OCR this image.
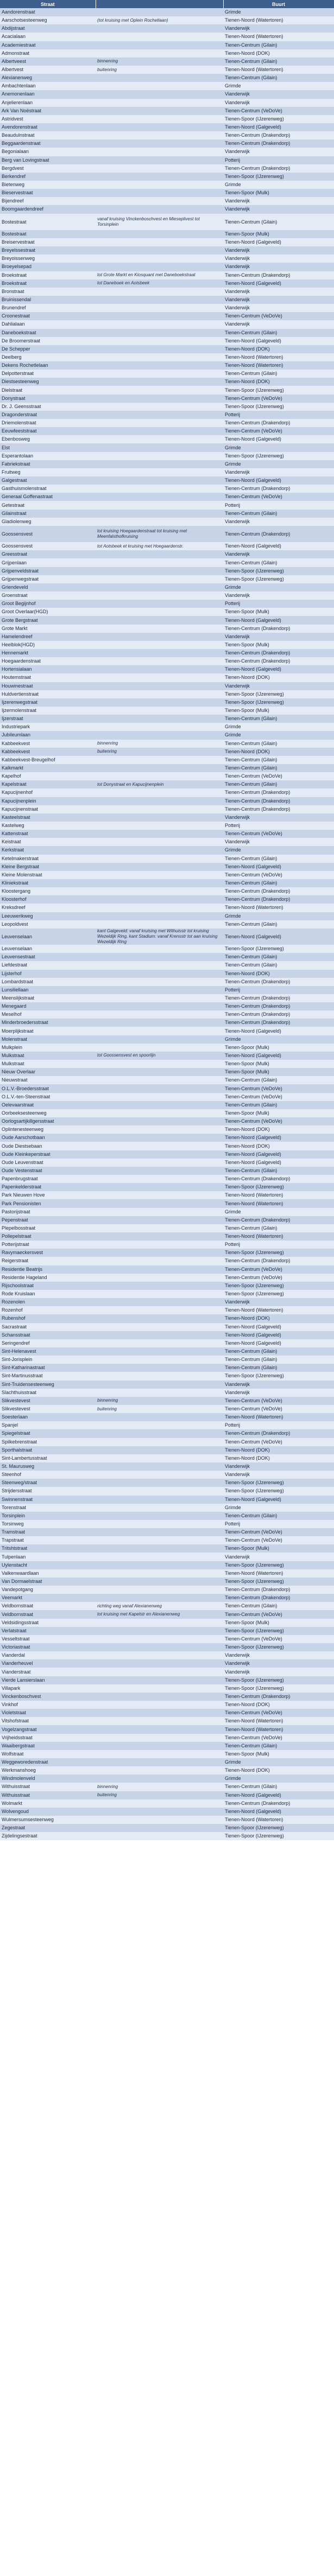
Straat		Buurt
Aandorenstraat		Grimde
Aarschotsesteenweg	(tot kruising met Oplein Rochetlaan)	Tienen-Noord (Watertoren)
Abdijstraat		Vianderwijk
Acacialaan		Tienen-Noord (Watertoren)
Academiestraat		Tienen-Centrum (Gilain)
Admonstraat		Tienen-Noord (DOK)
Albertveest	binnenring	Tienen-Centrum (Gilain)
Albertvest	buitenring	Tienen-Noord (Watertoren)
Alexianenweg		Tienen-Centrum (Gilain)
Ambachtenlaan		Grimde
Anemonenlaan		Vianderwijk
Anjelierenlaan		Vianderwijk
Ark Van Noëstraat		Tienen-Centrum (VeDoVe)
Astridvest		Tienen-Spoor (IJzerenweg)
Avendorenstraat		Tienen-Noord (Galgeveld)
Beaudulnstraat		Tienen-Centrum (Drakendorp)
Beggaardenstraat		Tienen-Centrum (Drakendorp)
Begonialaan		Vianderwijk
Berg van Lovingstraat		Potterij
Bergdvest		Tienen-Centrum (Drakendorp)
Berkendref		Tienen-Spoor (IJzerenweg)
Bietenweg		Grimde
Bieservestraat		Tienen-Spoor (Mulk)
Bijendreef		Vianderwijk
Boomgaardendreef		Vianderwijk
Bostestraat	vanaf kruising Vinckenboschvest en Mieseplivest tot Torsinplein	Tienen-Centrum (Gilain)
Bostestraat		Tienen-Spoor (Mulk)
Breiservestraat		Tienen-Noord (Galgeveld)
Breyelssestraat		Vianderwijk
Breyoissenweg		Vianderwijk
Broeyelsepad		Vianderwijk
Broekstraat	tot Grote Markt en Kiosquant met Daneboekstraat	Tienen-Centrum (Drakendorp)
Broekstraat	tot Daneboek en Aotsbeek	Tienen-Noord (Galgeveld)
Bronstraat		Vianderwijk
Bruinissendal		Vianderwijk
Brunendref		Vianderwijk
Croonestraat		Tienen-Centrum (VeDoVe)
Dahlialaan		Vianderwijk
Daneboekstraat		Tienen-Centrum (Gilain)
De Broomerstraat		Tienen-Noord (Galgeveld)
De Schepper		Tienen-Noord (DOK)
Deelberg		Tienen-Noord (Watertoren)
Dekens Rochetlelaan		Tienen-Noord (Watertoren)
Delpotterstraat		Tienen-Centrum (Gilain)
Diestsesteenweg		Tienen-Noord (DOK)
Dielstraat		Tienen-Spoor (IJzerenweg)
Donystraat		Tienen-Centrum (VeDoVe)
Dr. J. Geensstraat		Tienen-Spoor (IJzerenweg)
Dragonderstraat		Potterij
Driemolenstraat		Tienen-Centrum (Drakendorp)
Eeuwfeeststraat		Tienen-Centrum (VeDoVe)
Ebenbosweg		Tienen-Noord (Galgeveld)
Elst		Grimde
Esperantolaan		Tienen-Spoor (IJzerenweg)
Fabriekstraat		Grimde
Fruitweg		Vianderwijk
Galgestraat		Tienen-Noord (Galgeveld)
Gasthuismolenstraat		Tienen-Centrum (Drakendorp)
Generaal Goffenastraat		Tienen-Centrum (VeDoVe)
Getestraat		Potterij
Gilainstraat		Tienen-Centrum (Gilain)
Gladiolenweg		Vianderwijk
Goossensvest	tot kruising Hoegaardenstraat tot kruising met Meenfalsthofkruising	Tienen-Centrum (Drakendorp)
Goossensvest	tot Aotsbeek et kruising met Hoegaardenstr.	Tienen-Noord (Galgeveld)
Greesstraat		Vianderwijk
Grijpenlaan		Tienen-Centrum (Gilain)
Grijpenveldstraat		Tienen-Spoor (IJzerenweg)
Grijpenwegstraat		Tienen-Spoor (IJzerenweg)
Griendeveld		Grimde
Groenstraat		Vianderwijk
Groot Begijnhof		Potterij
Groot Overlaar(HGD)		Tienen-Spoor (Mulk)
Grote Bergstraat		Tienen-Noord (Galgeveld)
Grote Markt		Tienen-Centrum (Drakendorp)
Hamelendreef		Vianderwijk
Heelblok(HGD)		Tienen-Spoor (Mulk)
Hennemarkt		Tienen-Centrum (Drakendorp)
Hoegaardenstraat		Tienen-Centrum (Drakendorp)
Hortensialaan		Tienen-Noord (Galgeveld)
Houtemstraat		Tienen-Noord (DOK)
Houwinestraat		Vianderwijk
Huldvertienstraat		Tienen-Spoor (IJzerenweg)
Ijzerenwegstraat		Tienen-Spoor (IJzerenweg)
Ijzermolenstraat		Tienen-Spoor (Mulk)
Ijzerstraat		Tienen-Centrum (Gilain)
Industriepark		Grimde
Jubileumlaan		Grimde
Kabbeekvest	binnenring	Tienen-Centrum (Gilain)
Kabbeekvest	buitenring	Tienen-Noord (DOK)
Kabbeekvest-Breugelhof		Tienen-Centrum (Gilain)
Kalkmarkt		Tienen-Centrum (Gilain)
Kapelhof		Tienen-Centrum (VeDoVe)
Kapelstraat	tot Donystraat en Kapucijnenplein	Tienen-Centrum (Gilain)
Kapucijnenhof		Tienen-Centrum (Drakendorp)
Kapucijnenplein		Tienen-Centrum (Drakendorp)
Kapucijnenstraat		Tienen-Centrum (Drakendorp)
Kasteelstraat		Vianderwijk
Kastelweg		Potterij
Kattenstraat		Tienen-Centrum (VeDoVe)
Keistraat		Vianderwijk
Kerkstraat		Grimde
Ketelmakerstraat		Tienen-Centrum (Gilain)
Kleine Bergstraat		Tienen-Noord (Galgeveld)
Kleine Molenstraat		Tienen-Centrum (VeDoVe)
Kliniekstraat		Tienen-Centrum (Gilain)
Kloostergang		Tienen-Centrum (Drakendorp)
Kloosterhof		Tienen-Centrum (Drakendorp)
Kreksdreef		Tienen-Noord (Watertoren)
Leeuwerikweg		Grimde
Leopoldvest		Tienen-Centrum (Gilain)
Leuvenselaan	kant Galgeveld: vanaf kruising met Withuisstr tot kruising Wezeldijk Ring, kant Stadium: vanaf Krensstr tot aan kruising Wezeldijk Ring	Tienen-Noord (Galgeveld)
Leuvenselaan		Tienen-Spoor (IJzerenweg)
Leuvensestraat		Tienen-Centrum (Gilain)
Liefdestraat		Tienen-Centrum (Gilain)
Lijsterhof		Tienen-Noord (DOK)
Lombardstraat		Tienen-Centrum (Drakendorp)
Lunsiliellaan		Potterij
Meenslijkstraat		Tienen-Centrum (Drakendorp)
Menegaard		Tienen-Centrum (Drakendorp)
Meselhof		Tienen-Centrum (Drakendorp)
Minderbroedersstraat		Tienen-Centrum (Drakendorp)
Moerplijkstraat		Tienen-Noord (Galgeveld)
Molenstraat		Grimde
Mulkplein		Tienen-Spoor (Mulk)
Mulkstraat	tot Goossensvest en spoorlijn	Tienen-Noord (Galgeveld)
Mulkstraat		Tienen-Spoor (Mulk)
Nieuw Overlaar		Tienen-Spoor (Mulk)
Nieuwstraat		Tienen-Centrum (Gilain)
O.L.V.-Broedersstraat		Tienen-Centrum (VeDoVe)
O.L.V.-ten-Steenstraat		Tienen-Centrum (VeDoVe)
Oelevaarstraat		Tienen-Centrum (Gilain)
Oorbeeksesteenweg		Tienen-Spoor (Mulk)
Oorlogsartijkillgersstraat		Tienen-Centrum (VeDoVe)
Oplintenesteenweg		Tienen-Noord (DOK)
Oude Aarschotbaan		Tienen-Noord (Galgeveld)
Oude Diestsebaan		Tienen-Noord (DOK)
Oude Kleinkeperstraat		Tienen-Noord (Galgeveld)
Oude Leuvenstraat		Tienen-Noord (Galgeveld)
Oude Vestenstraat		Tienen-Centrum (Gilain)
Papenbrugstraat		Tienen-Centrum (Drakendorp)
Papenkelderstraat		Tienen-Spoor (IJzerenweg)
Park Nieuwen Hove		Tienen-Noord (Watertoren)
Park Pensionisten		Tienen-Noord (Watertoren)
Pastorijstraat		Grimde
Pepenstraat		Tienen-Centrum (Drakendorp)
Plepelbosstraat		Tienen-Centrum (Gilain)
Pollepelstraat		Tienen-Noord (Watertoren)
Potterijstraat		Potterij
Ravymaeckersvest		Tienen-Spoor (IJzerenweg)
Reigerstraat		Tienen-Centrum (Drakendorp)
Residentie Beatrijs		Tienen-Centrum (VeDoVe)
Residentie Hageland		Tienen-Centrum (VeDoVe)
Rijschoolstraat		Tienen-Spoor (IJzerenweg)
Rode Kruislaan		Tienen-Spoor (IJzerenweg)
Rozenolen		Vianderwijk
Rozenhof		Tienen-Noord (Watertoren)
Rubenshof		Tienen-Noord (DOK)
Sacrastraat		Tienen-Noord (Galgeveld)
Schansstraat		Tienen-Noord (Galgeveld)
Seringendref		Tienen-Noord (Galgeveld)
Sint-Helenavest		Tienen-Centrum (Gilain)
Sint-Jorisplein		Tienen-Centrum (Gilain)
Sint-Katharinastraat		Tienen-Centrum (Gilain)
Sint-Martinusstraat		Tienen-Spoor (IJzerenweg)
Sint-Truidensesteenweg		Vianderwijk
Slachthuisstraat		Vianderwijk
Slikvestevest	binnenring	Tienen-Centrum (VeDoVe)
Slikvestevest	buitenring	Tienen-Centrum (VeDoVe)
Soesterlaan		Tienen-Noord (Watertoren)
Spanjel		Potterij
Spiegelstraat		Tienen-Centrum (Drakendorp)
Spilkebrenstraat		Tienen-Centrum (VeDoVe)
Sporthalstraat		Tienen-Noord (DOK)
Sint-Lambertusstraat		Tienen-Noord (DOK)
St. Maurusweg		Vianderwijk
Steenhof		Vianderwijk
Steenweg/straat		Tienen-Spoor (IJzerenweg)
Strijdersstraat		Tienen-Spoor (IJzerenweg)
Swinnenstraat		Tienen-Noord (Galgeveld)
Torenstraat		Grimde
Torsinplein		Tienen-Centrum (Gilain)
Torsinweg		Potterij
Tramstraat		Tienen-Centrum (VeDoVe)
Trapstraat		Tienen-Centrum (VeDoVe)
Tritshtstraat		Tienen-Spoor (Mulk)
Tulpenlaan		Vianderwijk
Uylenstacht		Tienen-Spoor (IJzerenweg)
Valkenwaardlaan		Tienen-Noord (Watertoren)
Van Dormaelstraat		Tienen-Spoor (IJzerenweg)
Vandepotgang		Tienen-Centrum (Drakendorp)
Veemarkt		Tienen-Centrum (Drakendorp)
Veldbornstraat	richting weg vanaf Alexianenweg	Tienen-Centrum (Gilain)
Veldbornstraat	tot kruising met Kapelstr en Alexianenweg	Tienen-Centrum (VeDoVe)
Veldsidingsstraat		Tienen-Spoor (Mulk)
Verlatstraat		Tienen-Spoor (IJzerenweg)
Vesseltstraat		Tienen-Centrum (VeDoVe)
Victoriastraat		Tienen-Spoor (IJzerenweg)
Vianderdal		Vianderwijk
Vianderheuvel		Vianderwijk
Vianderstraat		Vianderwijk
Vierde Lansierslaan		Tienen-Spoor (IJzerenweg)
Villapark		Tienen-Spoor (IJzerenweg)
Vinckenboschvest		Tienen-Centrum (Drakendorp)
Vinkhof		Tienen-Noord (DOK)
Violetstraat		Tienen-Centrum (VeDoVe)
Vitshofstraat		Tienen-Noord (Watertoren)
Vogelzangstraat		Tienen-Noord (Watertoren)
Vrijheidsstraat		Tienen-Centrum (VeDoVe)
Waaibergstraat		Tienen-Centrum (Gilain)
Wolfstraat		Tienen-Spoor (Mulk)
Weggeworedenstraat		Grimde
Werkmanshoeg		Tienen-Noord (DOK)
Windmolenveld		Grimde
Withuisstraat	binnenring	Tienen-Centrum (Gilain)
Withuisstraat	buitenring	Tienen-Noord (Galgeveld)
Wolmarkt		Tienen-Centrum (Drakendorp)
Wolvengoud		Tienen-Noord (Galgeveld)
Wulmersumsesteenweg		Tienen-Noord (Watertoren)
Zegestraat		Tienen-Spoor (IJzerenweg)
Zijdelingsestraat		Tienen-Spoor (IJzerenweg)
